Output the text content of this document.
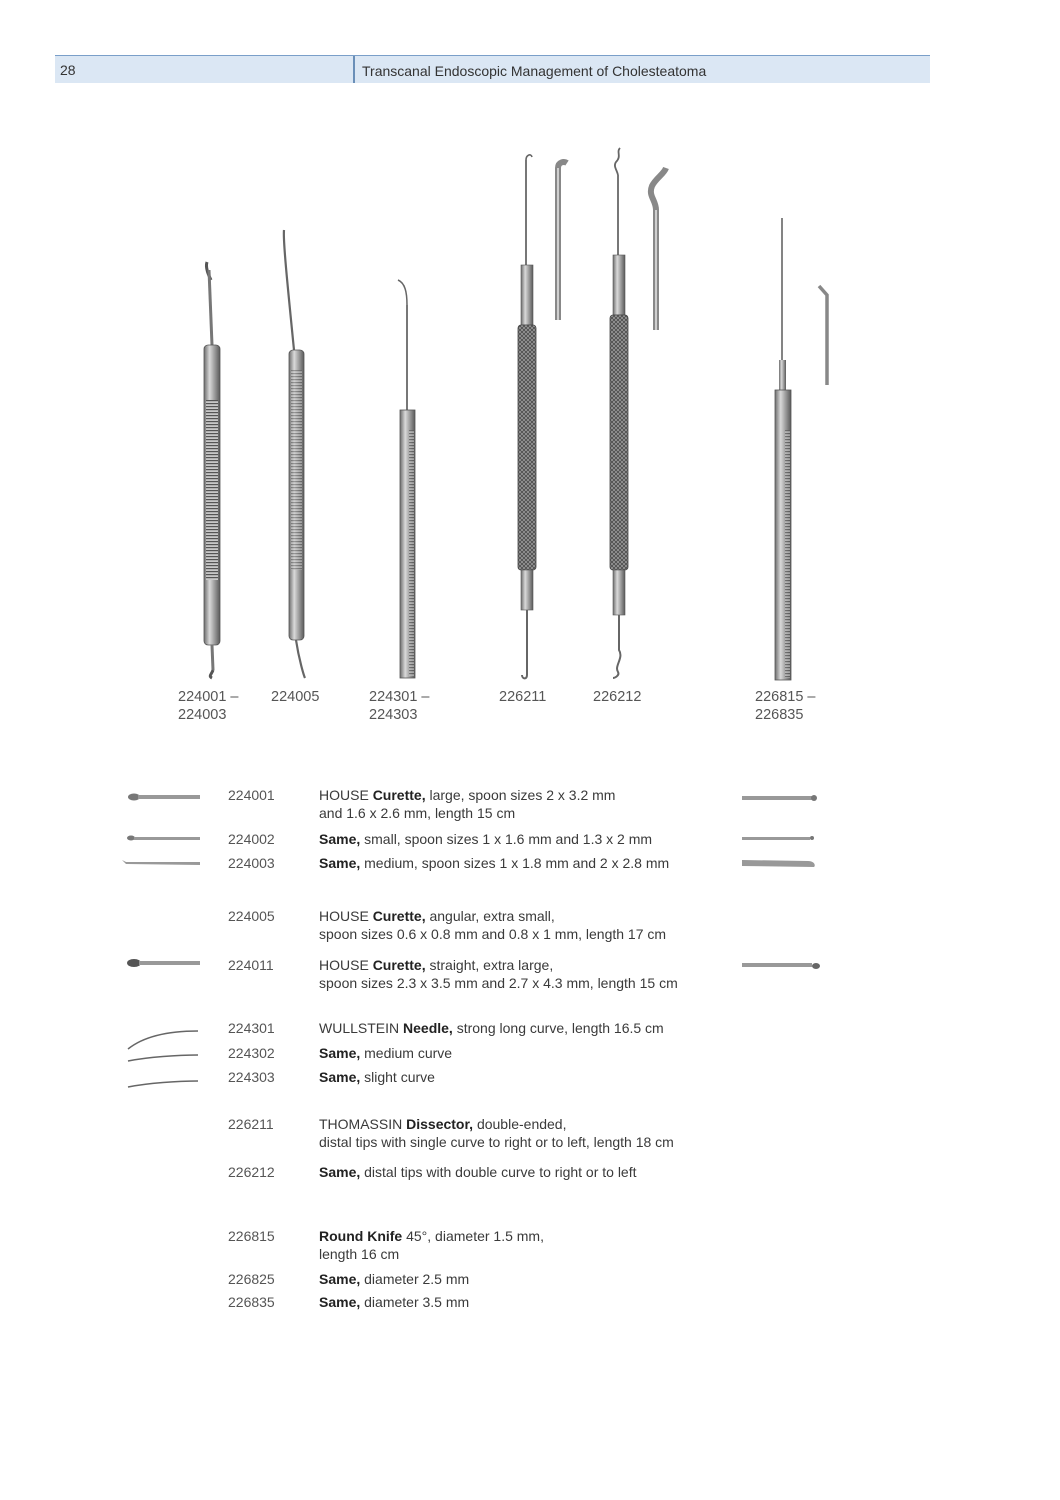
28	Transcanal Endoscopic Management of Cholesteatoma
224001 –
224003
224005	224301 –
224303
226211	226212	226815 –
226835
224001	HOUSE Curette, large, spoon sizes 2 x 3.2 mm
and 1.6 x 2.6 mm, length 15 cm
224002	Same, small, spoon sizes 1 x 1.6 mm and 1.3 x 2 mm
224003	Same, medium, spoon sizes 1 x 1.8 mm and 2 x 2.8 mm
224005	HOUSE Curette, angular, extra small,
spoon sizes 0.6 x 0.8 mm and 0.8 x 1 mm, length 17 cm
224011	HOUSE Curette, straight, extra large,
spoon sizes 2.3 x 3.5 mm and 2.7 x 4.3 mm, length 15 cm
224301	WULLSTEIN Needle, strong long curve, length 16.5 cm
224302	Same, medium curve
224303	Same, slight curve
226211	THOMASSIN Dissector, double-ended,
distal tips with single curve to right or to left, length 18 cm
226212	Same, distal tips with double curve to right or to left
226815	Round Knife 45°, diameter 1.5 mm,
length 16 cm
226825	Same, diameter 2.5 mm
226835	Same, diameter 3.5 mm
